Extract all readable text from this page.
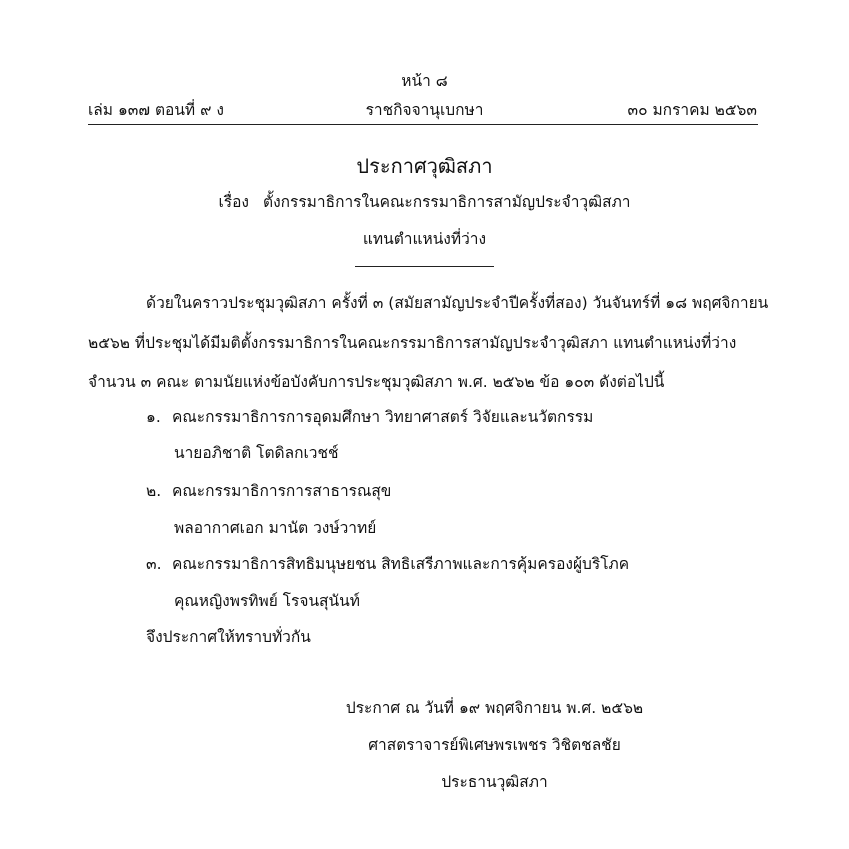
หน้า ๘
เล่ม ๑๓๗ ตอนที่ ๙ ง	ราชกิจจานุเบกษา	๓๐ มกราคม ๒๕๖๓
ประกาศวุฒิสภา
เรื่อง ตั้งกรรมาธิการในคณะกรรมาธิการสามัญประจำวุฒิสภา
แทนตำแหน่งที่ว่าง
ด้วยในคราวประชุมวุฒิสภา ครั้งที่ ๓ (สมัยสามัญประจำปีครั้งที่สอง) วันจันทร์ที่ ๑๘ พฤศจิกายน
๒๕๖๒ ที่ประชุมได้มีมติตั้งกรรมาธิการในคณะกรรมาธิการสามัญประจำวุฒิสภา แทนตำแหน่งที่ว่าง
จำนวน ๓ คณะ ตามนัยแห่งข้อบังคับการประชุมวุฒิสภา พ.ศ. ๒๕๖๒ ข้อ ๑๐๓ ดังต่อไปนี้
๑. คณะกรรมาธิการการอุดมศึกษา วิทยาศาสตร์ วิจัยและนวัตกรรม
นายอภิชาติ โตดิลกเวชช์
๒. คณะกรรมาธิการการสาธารณสุข
พลอากาศเอก มานัต วงษ์วาทย์
๓. คณะกรรมาธิการสิทธิมนุษยชน สิทธิเสรีภาพและการคุ้มครองผู้บริโภค
คุณหญิงพรทิพย์ โรจนสุนันท์
จึงประกาศให้ทราบทั่วกัน
ประกาศ ณ วันที่ ๑๙ พฤศจิกายน พ.ศ. ๒๕๖๒
ศาสตราจารย์พิเศษพรเพชร วิชิตชลชัย
ประธานวุฒิสภา
